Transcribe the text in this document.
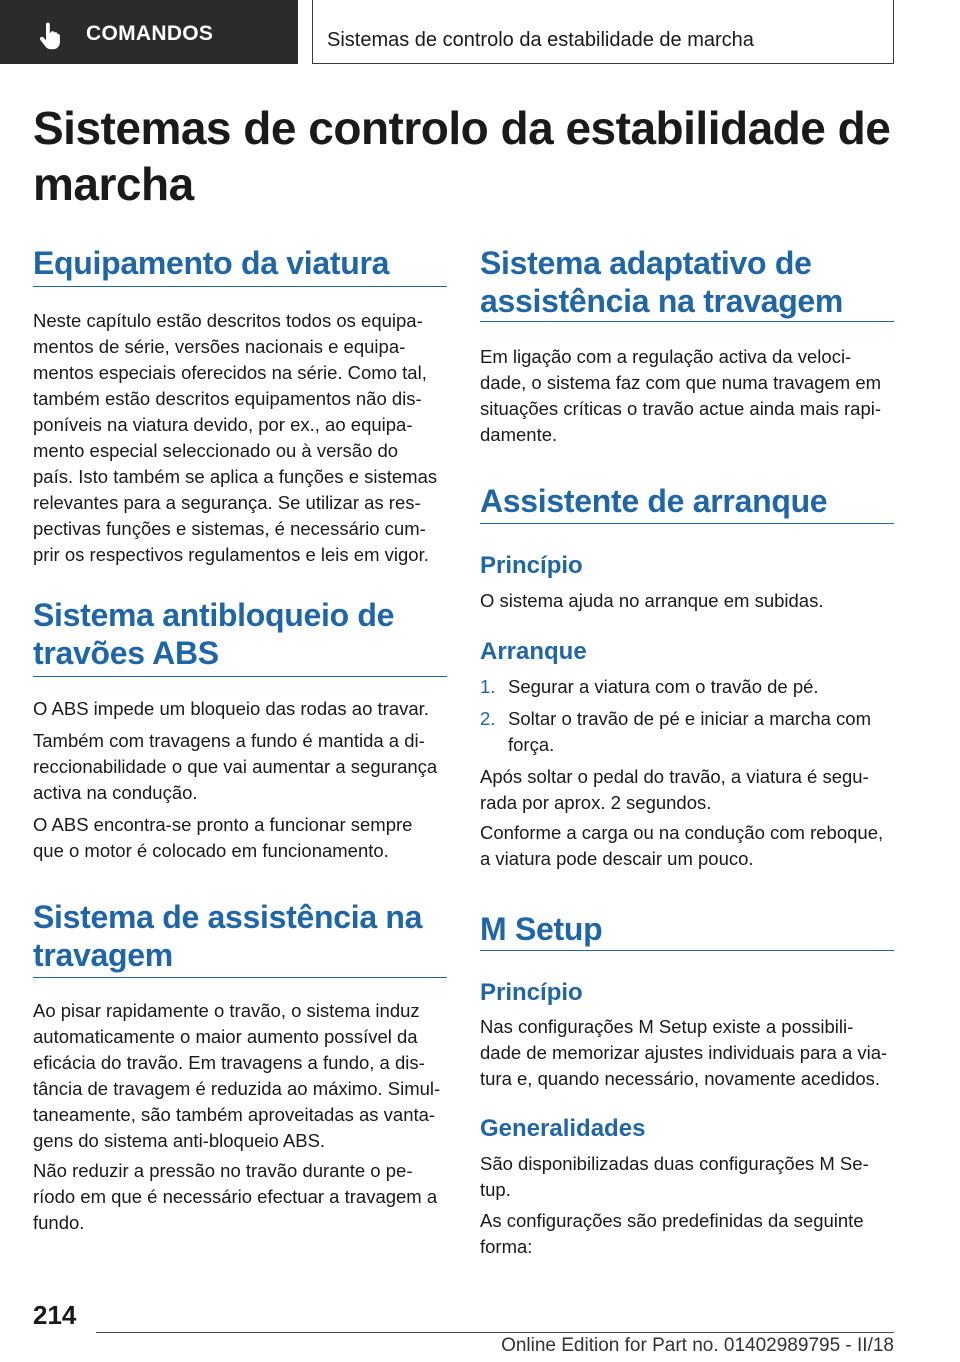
COMANDOS	Sistemas de controlo da estabilidade de marcha
Sistemas de controlo da estabilidade de
marcha
Equipamento da viatura

Neste capítulo estão descritos todos os equipa-
mentos de série, versões nacionais e equipa-
mentos especiais oferecidos na série. Como tal,
também estão descritos equipamentos não dis-
poníveis na viatura devido, por ex., ao equipa-
mento especial seleccionado ou à versão do
país. Isto também se aplica a funções e sistemas
relevantes para a segurança. Se utilizar as res-
pectivas funções e sistemas, é necessário cum-
prir os respectivos regulamentos e leis em vigor.

Sistema antibloqueio de
travões ABS

O ABS impede um bloqueio das rodas ao travar.

Também com travagens a fundo é mantida a di-
reccionabilidade o que vai aumentar a segurança
activa na condução.

O ABS encontra-se pronto a funcionar sempre
que o motor é colocado em funcionamento.

Sistema de assistência na
travagem

Ao pisar rapidamente o travão, o sistema induz
automaticamente o maior aumento possível da
eficácia do travão. Em travagens a fundo, a dis-
tância de travagem é reduzida ao máximo. Simul-
taneamente, são também aproveitadas as vanta-
gens do sistema anti-bloqueio ABS.

Não reduzir a pressão no travão durante o pe-
ríodo em que é necessário efectuar a travagem a
fundo.

Sistema adaptativo de
assistência na travagem

Em ligação com a regulação activa da veloci-
dade, o sistema faz com que numa travagem em
situações críticas o travão actue ainda mais rapi-
damente.

Assistente de arranque
Princípio

O sistema ajuda no arranque em subidas.

Arranque

1. Segurar a viatura com o travão de pé.

2. Soltar o travão de pé e iniciar a marcha com
força.

Após soltar o pedal do travão, a viatura é segu-
rada por aprox. 2 segundos.

Conforme a carga ou na condução com reboque,
a viatura pode descair um pouco.

M Setup
Princípio

Nas configurações M Setup existe a possibili-
dade de memorizar ajustes individuais para a via-
tura e, quando necessário, novamente acedidos.

Generalidades

São disponibilizadas duas configurações M Se-
tup.

As configurações são predefinidas da seguinte
forma:

214
Online Edition for Part no. 01402989795 - II/18
